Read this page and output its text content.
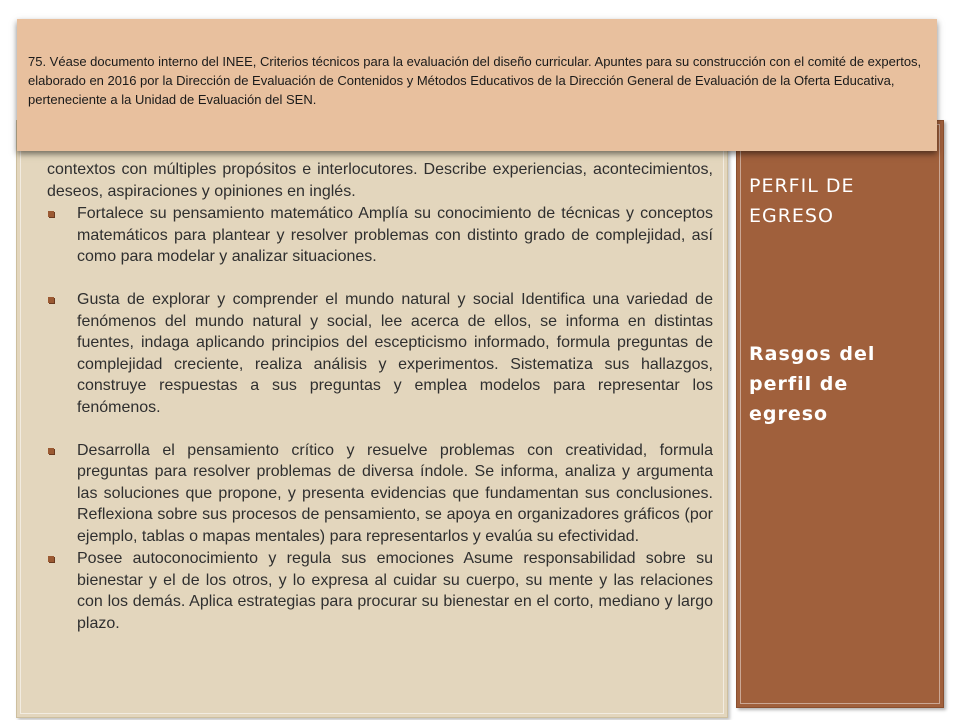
contextos con múltiples propósitos e interlocutores. Describe experiencias, acontecimientos, deseos, aspiraciones y opiniones en inglés.

Fortalece su pensamiento matemático Amplía su conocimiento de técnicas y conceptos matemáticos para plantear y resolver problemas con distinto grado de complejidad, así como para modelar y analizar situaciones.

Gusta de explorar y comprender el mundo natural y social Identifica una variedad de fenómenos del mundo natural y social, lee acerca de ellos, se informa en distintas fuentes, indaga aplicando principios del escepticismo informado, formula preguntas de complejidad creciente, realiza análisis y experimentos. Sistematiza sus hallazgos, construye respuestas a sus preguntas y emplea modelos para representar los fenómenos.

Desarrolla el pensamiento crítico y resuelve problemas con creatividad, formula preguntas para resolver problemas de diversa índole. Se informa, analiza y argumenta las soluciones que propone, y presenta evidencias que fundamentan sus conclusiones. Reflexiona sobre sus procesos de pensamiento, se apoya en organizadores gráficos (por ejemplo, tablas o mapas mentales) para representarlos y evalúa su efectividad.

Posee autoconocimiento y regula sus emociones Asume responsabilidad sobre su bienestar y el de los otros, y lo expresa al cuidar su cuerpo, su mente y las relaciones con los demás. Aplica estrategias para procurar su bienestar en el corto, mediano y largo plazo.

PERFIL DE EGRESO
Rasgos del perfil de egreso

75. Véase documento interno del INEE, Criterios técnicos para la evaluación del diseño curricular. Apuntes para su construcción con el comité de expertos, elaborado en 2016 por la Dirección de Evaluación de Contenidos y Métodos Educativos de la Dirección General de Evaluación de la Oferta Educativa, perteneciente a la Unidad de Evaluación del SEN.
